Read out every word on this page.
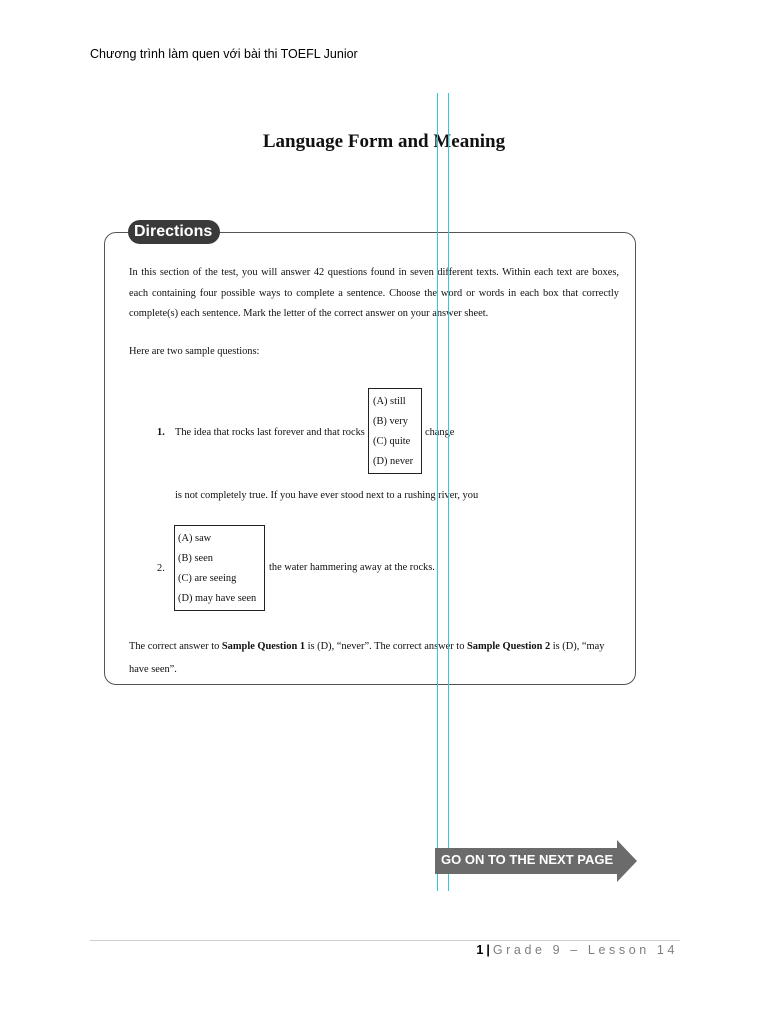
Chương trình làm quen với bài thi TOEFL Junior
Language Form and Meaning
Directions

In this section of the test, you will answer 42 questions found in seven different texts. Within each text are boxes, each containing four possible ways to complete a sentence. Choose the word or words in each box that correctly complete(s) each sentence. Mark the letter of the correct answer on your answer sheet.

Here are two sample questions:
1. The idea that rocks last forever and that rocks
(A) still
(B) very
(C) quite
(D) never
change
is not completely true. If you have ever stood next to a rushing river, you
2.
(A) saw
(B) seen
(C) are seeing
(D) may have seen
the water hammering away at the rocks.

The correct answer to Sample Question 1 is (D), “never”. The correct answer to Sample Question 2 is (D), “may have seen”.

GO ON TO THE NEXT PAGE
1 | Grade 9 – Lesson 14
